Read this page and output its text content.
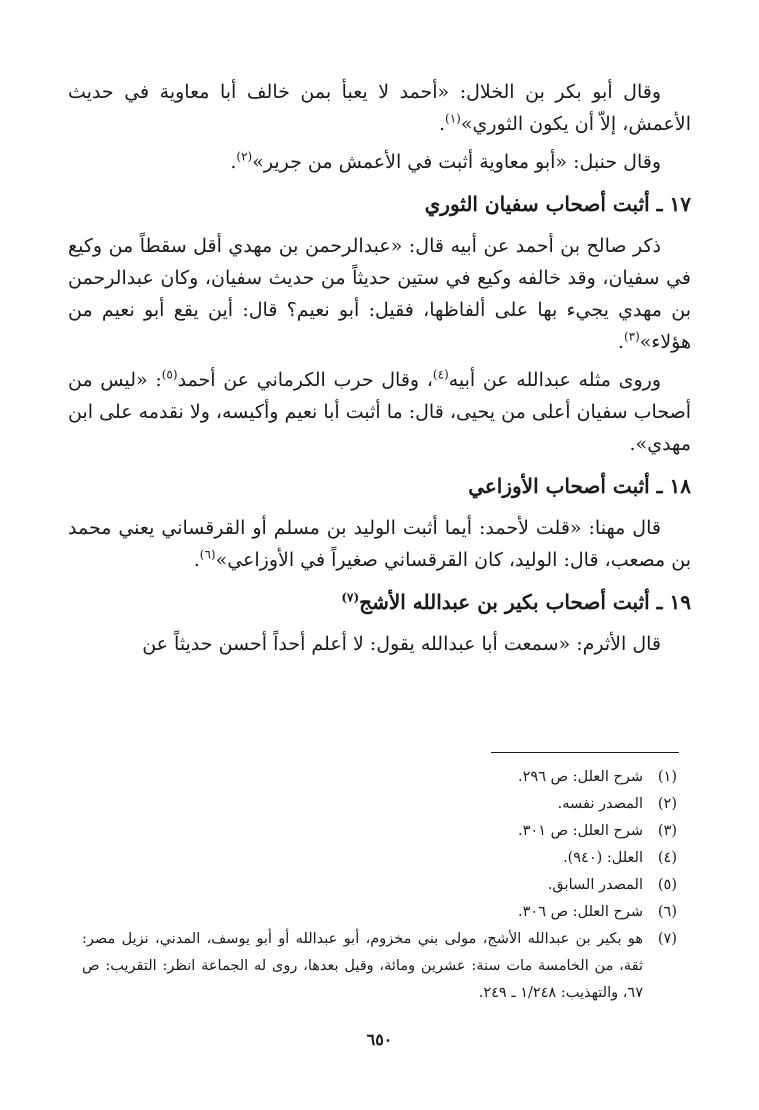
وقال أبو بكر بن الخلال: «أحمد لا يعبأ بمن خالف أبا معاوية في حديث الأعمش، إلاّ أن يكون الثوري»$^{(١)}$.

وقال حنبل: «أبو معاوية أثبت في الأعمش من جرير»$^{(٢)}$.

١٧ ـ أثبت أصحاب سفيان الثوري

ذكر صالح بن أحمد عن أبيه قال: «عبدالرحمن بن مهدي أقل سقطاً من وكيع في سفيان، وقد خالفه وكيع في ستين حديثاً من حديث سفيان، وكان عبدالرحمن بن مهدي يجيء بها على ألفاظها، فقيل: أبو نعيم؟ قال: أين يقع أبو نعيم من هؤلاء»$^{(٣)}$.

وروى مثله عبدالله عن أبيه$^{(٤)}$، وقال حرب الكرماني عن أحمد$^{(٥)}$: «ليس من أصحاب سفيان أعلى من يحيى، قال: ما أثبت أبا نعيم وأكيسه، ولا نقدمه على ابن مهدي».

١٨ ـ أثبت أصحاب الأوزاعي

قال مهنا: «قلت لأحمد: أيما أثبت الوليد بن مسلم أو القرقساني يعني محمد بن مصعب، قال: الوليد، كان القرقساني صغيراً في الأوزاعي»$^{(٦)}$.

١٩ ـ أثبت أصحاب بكير بن عبدالله الأشج$^{(٧)}$

قال الأثرم: «سمعت أبا عبدالله يقول: لا أعلم أحداً أحسن حديثاً عن

(١)
شرح العلل: ص ٢٩٦.
(٢)
المصدر نفسه.
(٣)
شرح العلل: ص ٣٠١.
(٤)
العلل: (٩٤٠).
(٥)
المصدر السابق.
(٦)
شرح العلل: ص ٣٠٦.
(٧)
هو بكير بن عبدالله الأشج، مولى بني مخزوم، أبو عبدالله أو أبو يوسف، المدني، نزيل مصر: ثقة، من الخامسة مات سنة: عشرين ومائة، وقيل بعدها، روى له الجماعة انظر: التقريب: ص ٦٧، والتهذيب: ١/٢٤٨ ـ ٢٤٩.
٦٥٠
